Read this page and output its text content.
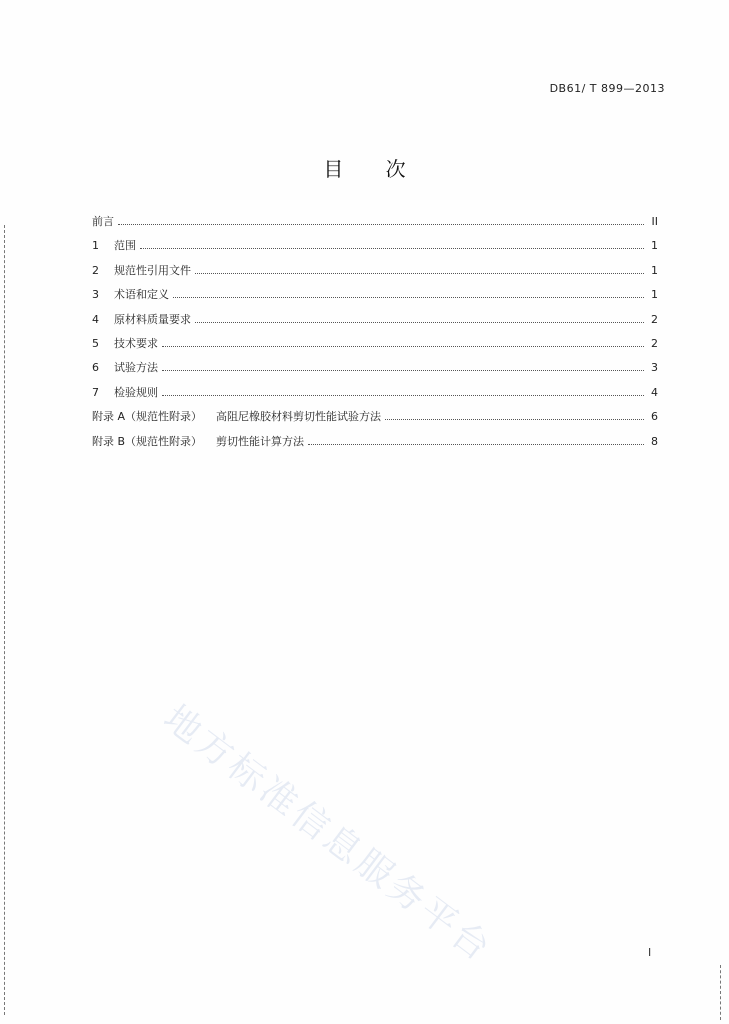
DB61/ T 899—2013
目 次
前言	II
1	范围	1
2	规范性引用文件	1
3	术语和定义	1
4	原材料质量要求	2
5	技术要求	2
6	试验方法	3
7	检验规则	4
附录 A（规范性附录） 高阻尼橡胶材料剪切性能试验方法	6
附录 B（规范性附录） 剪切性能计算方法	8
地方标准信息服务平台	I
